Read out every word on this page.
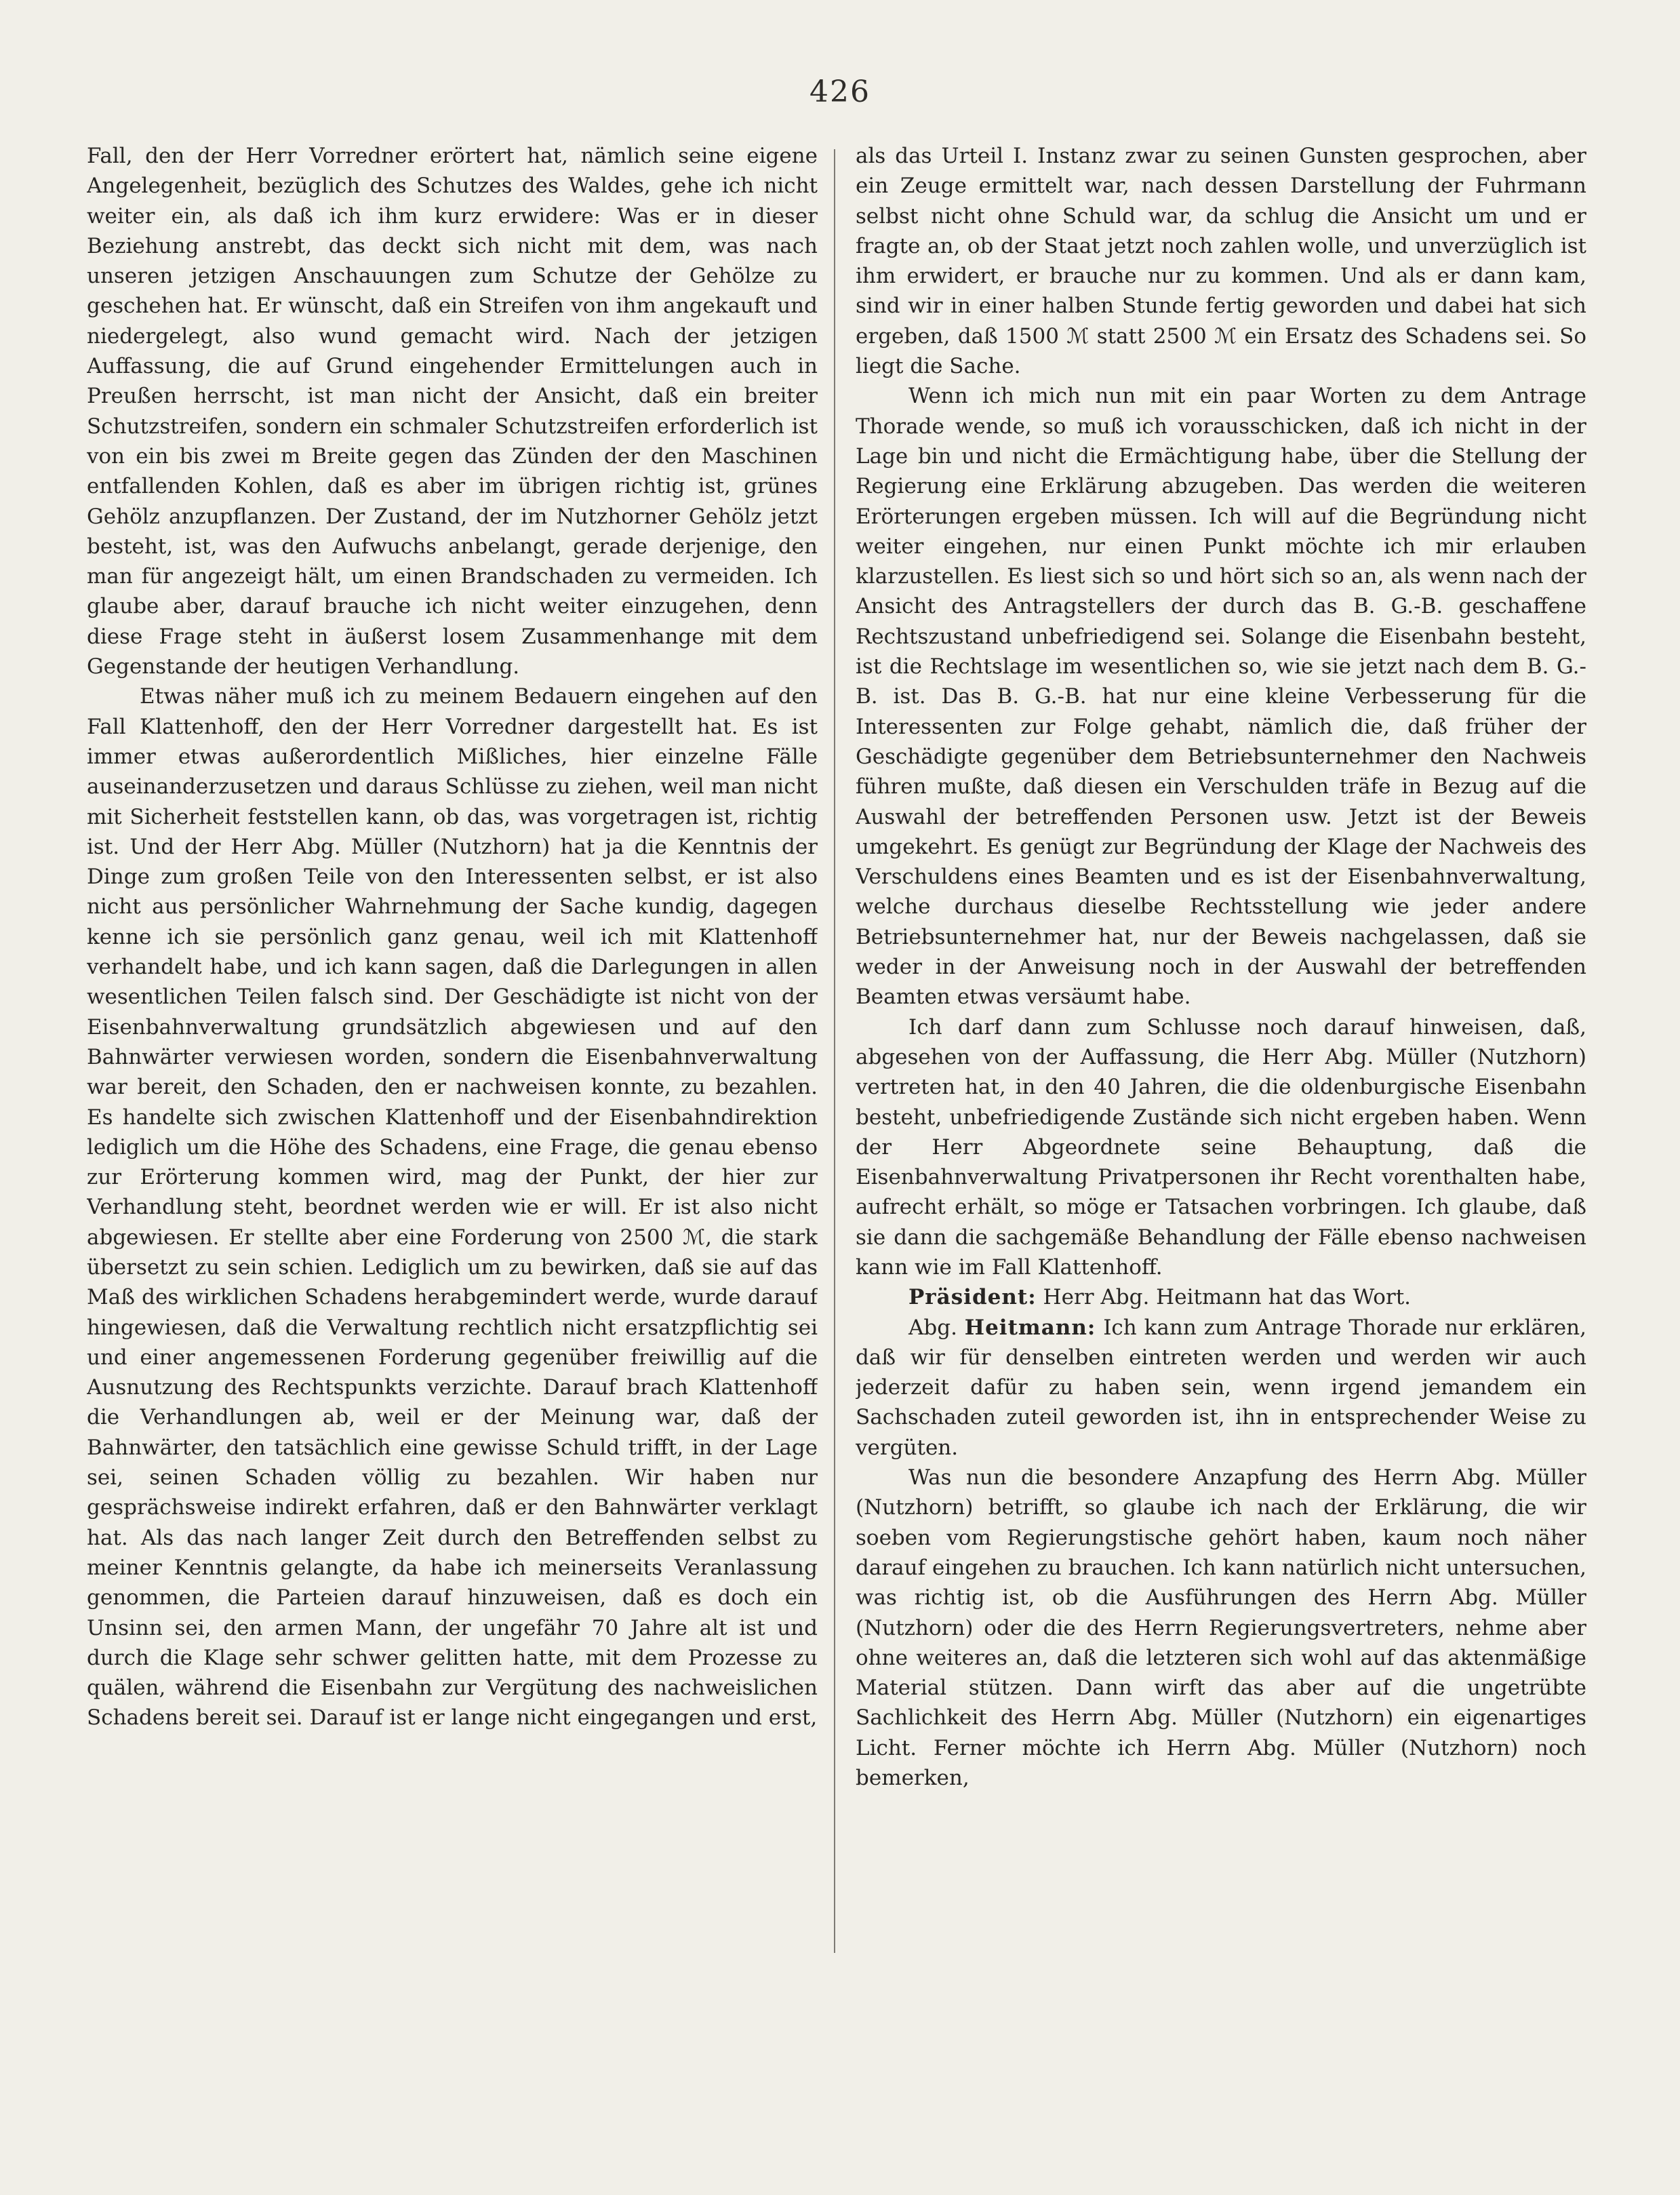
426

Fall, den der Herr Vorredner erörtert hat, nämlich seine eigene Angelegenheit, bezüglich des Schutzes des Waldes, gehe ich nicht weiter ein, als daß ich ihm kurz erwidere: Was er in dieser Beziehung anstrebt, das deckt sich nicht mit dem, was nach unseren jetzigen Anschauungen zum Schutze der Gehölze zu geschehen hat. Er wünscht, daß ein Streifen von ihm angekauft und niedergelegt, also wund gemacht wird. Nach der jetzigen Auffassung, die auf Grund eingehender Ermittelungen auch in Preußen herrscht, ist man nicht der Ansicht, daß ein breiter Schutzstreifen, sondern ein schmaler Schutzstreifen erforderlich ist von ein bis zwei m Breite gegen das Zünden der den Maschinen entfallenden Kohlen, daß es aber im übrigen richtig ist, grünes Gehölz anzupflanzen. Der Zustand, der im Nutzhorner Gehölz jetzt besteht, ist, was den Aufwuchs anbelangt, gerade derjenige, den man für angezeigt hält, um einen Brandschaden zu vermeiden. Ich glaube aber, darauf brauche ich nicht weiter einzugehen, denn diese Frage steht in äußerst losem Zusammenhange mit dem Gegenstande der heutigen Verhandlung.

Etwas näher muß ich zu meinem Bedauern eingehen auf den Fall Klattenhoff, den der Herr Vorredner dargestellt hat. Es ist immer etwas außerordentlich Mißliches, hier einzelne Fälle auseinanderzusetzen und daraus Schlüsse zu ziehen, weil man nicht mit Sicherheit feststellen kann, ob das, was vorgetragen ist, richtig ist. Und der Herr Abg. Müller (Nutzhorn) hat ja die Kenntnis der Dinge zum großen Teile von den Interessenten selbst, er ist also nicht aus persönlicher Wahrnehmung der Sache kundig, dagegen kenne ich sie persönlich ganz genau, weil ich mit Klattenhoff verhandelt habe, und ich kann sagen, daß die Darlegungen in allen wesentlichen Teilen falsch sind. Der Geschädigte ist nicht von der Eisenbahnverwaltung grundsätzlich abgewiesen und auf den Bahnwärter verwiesen worden, sondern die Eisenbahnverwaltung war bereit, den Schaden, den er nachweisen konnte, zu bezahlen. Es handelte sich zwischen Klattenhoff und der Eisenbahndirektion lediglich um die Höhe des Schadens, eine Frage, die genau ebenso zur Erörterung kommen wird, mag der Punkt, der hier zur Verhandlung steht, beordnet werden wie er will. Er ist also nicht abgewiesen. Er stellte aber eine Forderung von 2500 ℳ, die stark übersetzt zu sein schien. Lediglich um zu bewirken, daß sie auf das Maß des wirklichen Schadens herabgemindert werde, wurde darauf hingewiesen, daß die Verwaltung rechtlich nicht ersatzpflichtig sei und einer angemessenen Forderung gegenüber freiwillig auf die Ausnutzung des Rechtspunkts verzichte. Darauf brach Klattenhoff die Verhandlungen ab, weil er der Meinung war, daß der Bahnwärter, den tatsächlich eine gewisse Schuld trifft, in der Lage sei, seinen Schaden völlig zu bezahlen. Wir haben nur gesprächsweise indirekt erfahren, daß er den Bahnwärter verklagt hat. Als das nach langer Zeit durch den Betreffenden selbst zu meiner Kenntnis gelangte, da habe ich meinerseits Veranlassung genommen, die Parteien darauf hinzuweisen, daß es doch ein Unsinn sei, den armen Mann, der ungefähr 70 Jahre alt ist und durch die Klage sehr schwer gelitten hatte, mit dem Prozesse zu quälen, während die Eisenbahn zur Vergütung des nachweislichen Schadens bereit sei. Darauf ist er lange nicht eingegangen und erst,

als das Urteil I. Instanz zwar zu seinen Gunsten gesprochen, aber ein Zeuge ermittelt war, nach dessen Darstellung der Fuhrmann selbst nicht ohne Schuld war, da schlug die Ansicht um und er fragte an, ob der Staat jetzt noch zahlen wolle, und unverzüglich ist ihm erwidert, er brauche nur zu kommen. Und als er dann kam, sind wir in einer halben Stunde fertig geworden und dabei hat sich ergeben, daß 1500 ℳ statt 2500 ℳ ein Ersatz des Schadens sei. So liegt die Sache.

Wenn ich mich nun mit ein paar Worten zu dem Antrage Thorade wende, so muß ich vorausschicken, daß ich nicht in der Lage bin und nicht die Ermächtigung habe, über die Stellung der Regierung eine Erklärung abzugeben. Das werden die weiteren Erörterungen ergeben müssen. Ich will auf die Begründung nicht weiter eingehen, nur einen Punkt möchte ich mir erlauben klarzustellen. Es liest sich so und hört sich so an, als wenn nach der Ansicht des Antragstellers der durch das B. G.-B. geschaffene Rechtszustand unbefriedigend sei. Solange die Eisenbahn besteht, ist die Rechtslage im wesentlichen so, wie sie jetzt nach dem B. G.-B. ist. Das B. G.-B. hat nur eine kleine Verbesserung für die Interessenten zur Folge gehabt, nämlich die, daß früher der Geschädigte gegenüber dem Betriebsunternehmer den Nachweis führen mußte, daß diesen ein Verschulden träfe in Bezug auf die Auswahl der betreffenden Personen usw. Jetzt ist der Beweis umgekehrt. Es genügt zur Begründung der Klage der Nachweis des Verschuldens eines Beamten und es ist der Eisenbahnverwaltung, welche durchaus dieselbe Rechtsstellung wie jeder andere Betriebsunternehmer hat, nur der Beweis nachgelassen, daß sie weder in der Anweisung noch in der Auswahl der betreffenden Beamten etwas versäumt habe.

Ich darf dann zum Schlusse noch darauf hinweisen, daß, abgesehen von der Auffassung, die Herr Abg. Müller (Nutzhorn) vertreten hat, in den 40 Jahren, die die oldenburgische Eisenbahn besteht, unbefriedigende Zustände sich nicht ergeben haben. Wenn der Herr Abgeordnete seine Behauptung, daß die Eisenbahnverwaltung Privatpersonen ihr Recht vorenthalten habe, aufrecht erhält, so möge er Tatsachen vorbringen. Ich glaube, daß sie dann die sachgemäße Behandlung der Fälle ebenso nachweisen kann wie im Fall Klattenhoff.

Präsident: Herr Abg. Heitmann hat das Wort.

Abg. Heitmann: Ich kann zum Antrage Thorade nur erklären, daß wir für denselben eintreten werden und werden wir auch jederzeit dafür zu haben sein, wenn irgend jemandem ein Sachschaden zuteil geworden ist, ihn in entsprechender Weise zu vergüten.

Was nun die besondere Anzapfung des Herrn Abg. Müller (Nutzhorn) betrifft, so glaube ich nach der Erklärung, die wir soeben vom Regierungstische gehört haben, kaum noch näher darauf eingehen zu brauchen. Ich kann natürlich nicht untersuchen, was richtig ist, ob die Ausführungen des Herrn Abg. Müller (Nutzhorn) oder die des Herrn Regierungsvertreters, nehme aber ohne weiteres an, daß die letzteren sich wohl auf das aktenmäßige Material stützen. Dann wirft das aber auf die ungetrübte Sachlichkeit des Herrn Abg. Müller (Nutzhorn) ein eigenartiges Licht. Ferner möchte ich Herrn Abg. Müller (Nutzhorn) noch bemerken,
